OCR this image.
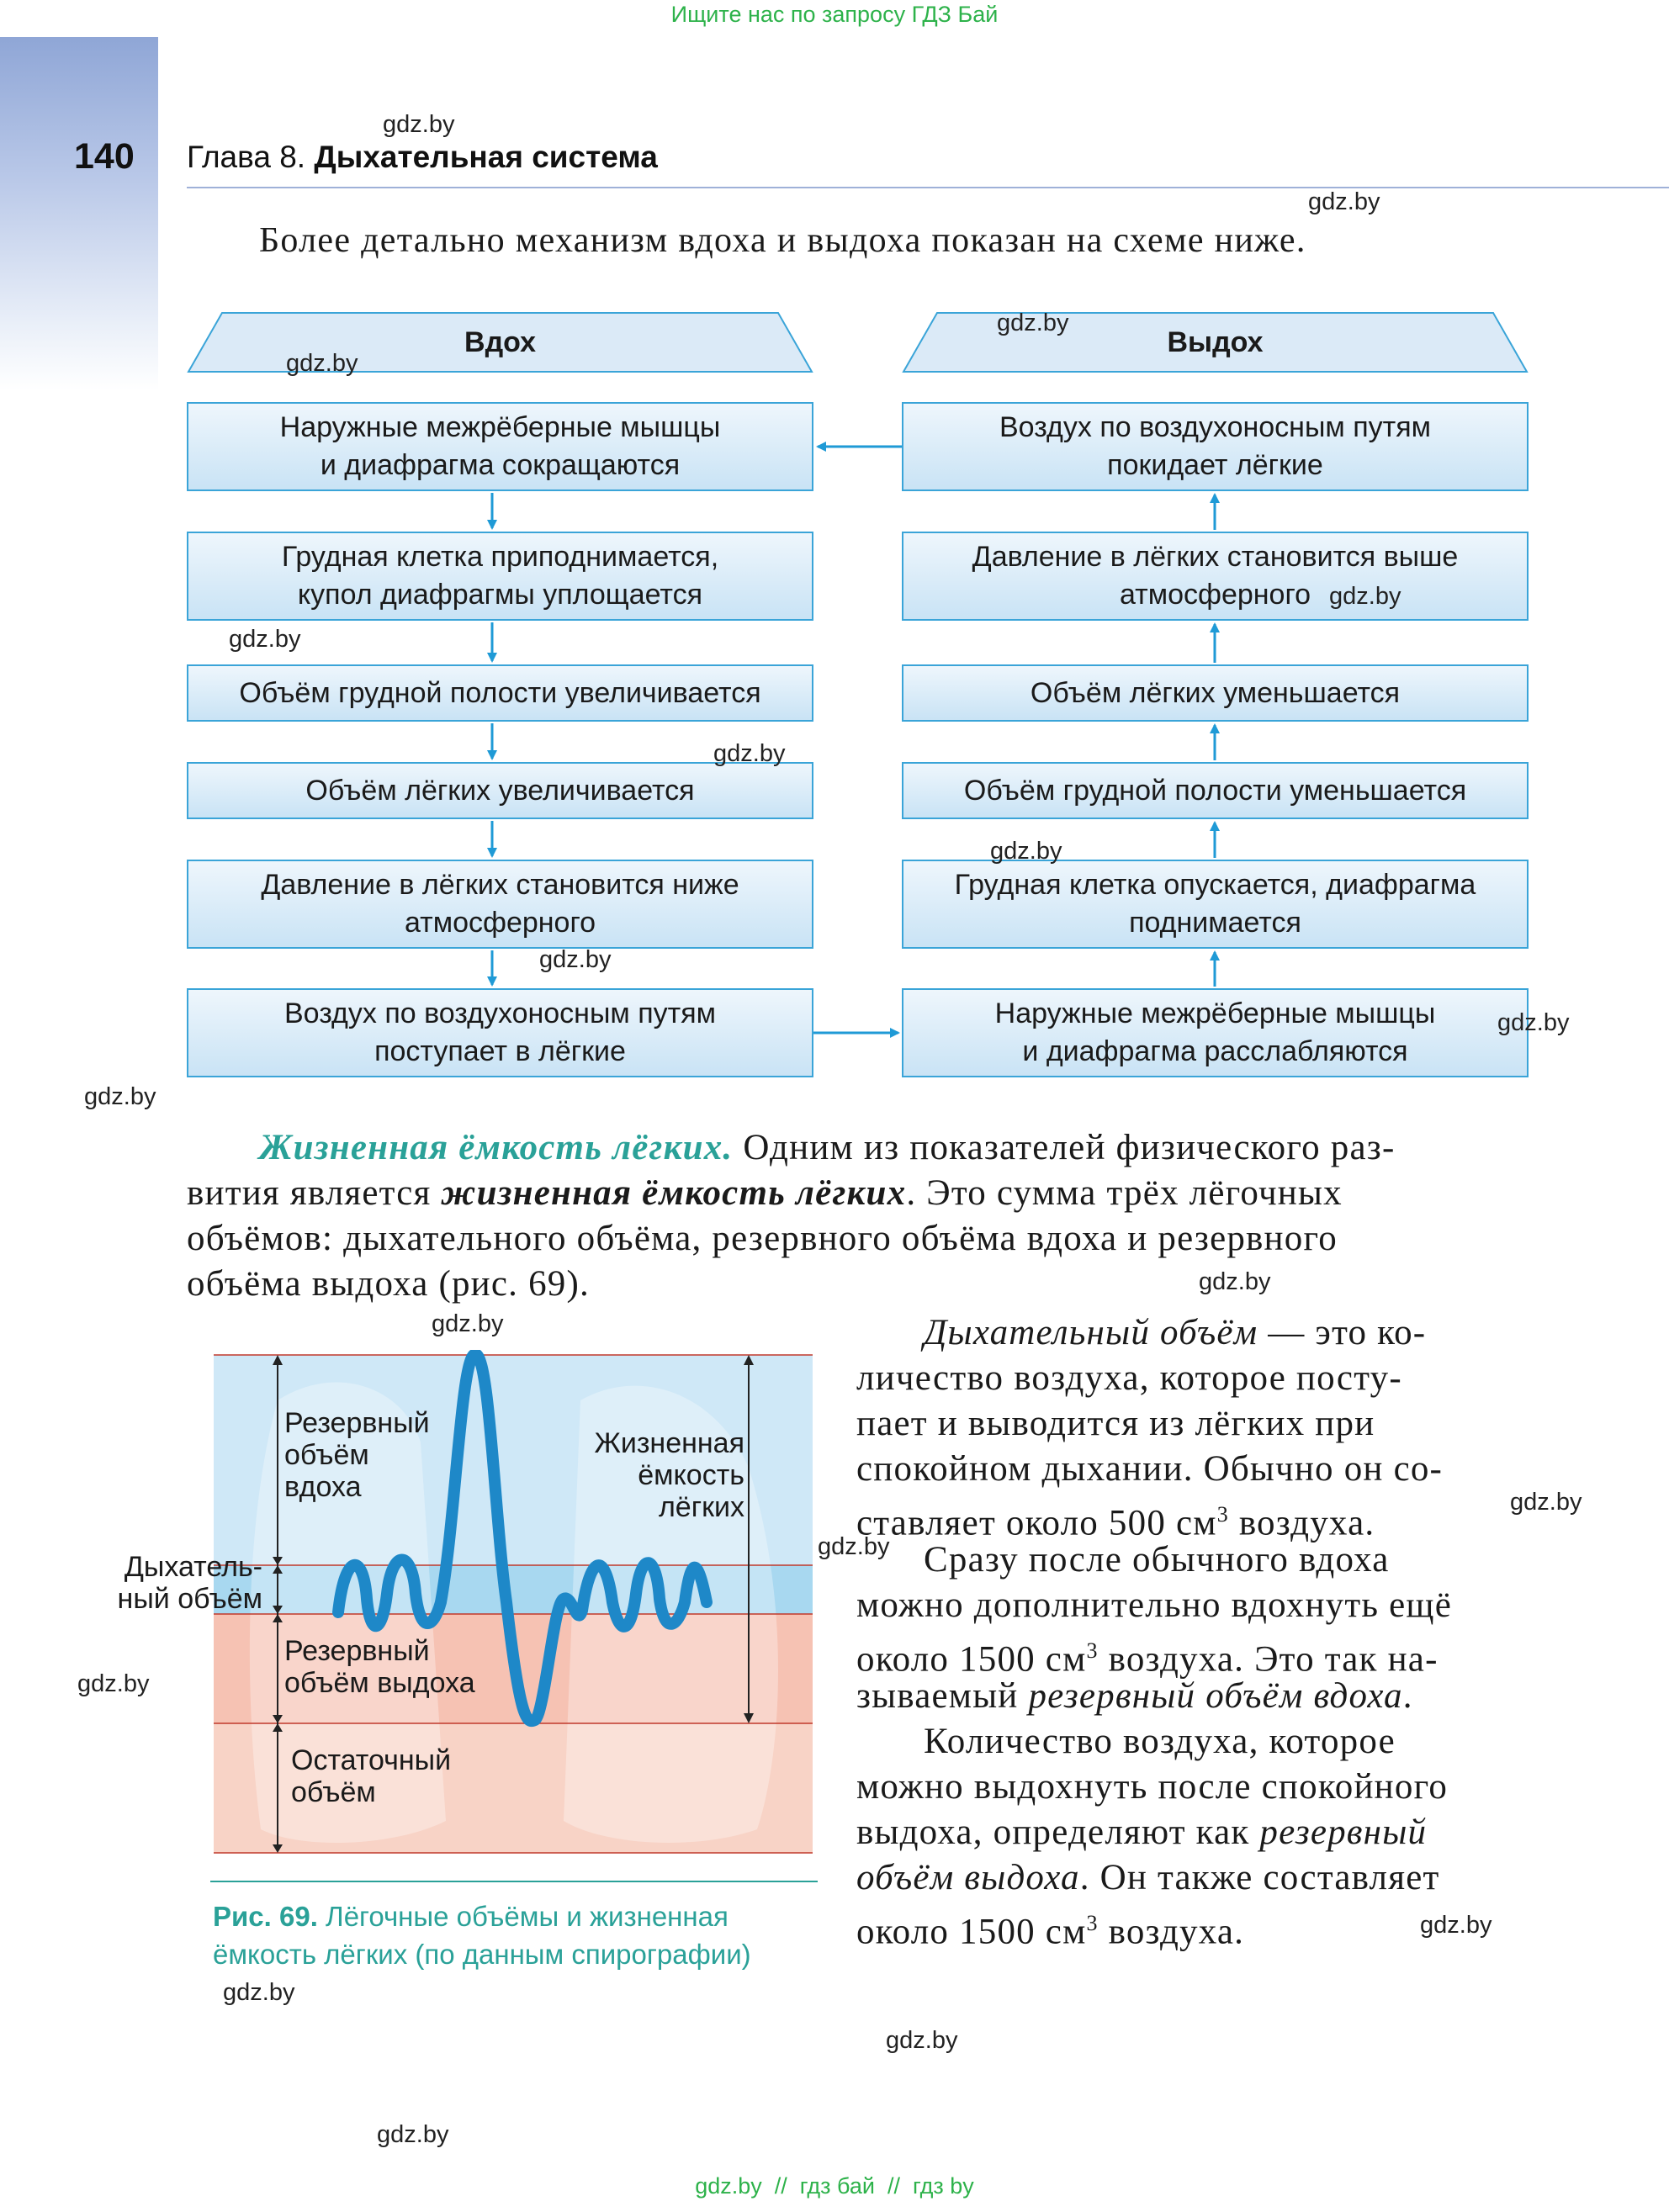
Ищите нас по запросу ГДЗ Бай
140 Глава 8. Дыхательная система
Более детально механизм вдоха и выдоха показан на схеме ниже.
Вдох	Выдох
Наружные межрёберные мышцы
и диафрагма сокращаются
Грудная клетка приподнимается,
купол диафрагмы уплощается
Объём грудной полости увеличивается
Объём лёгких увеличивается
Давление в лёгких становится ниже
атмосферного
Воздух по воздухоносным путям
поступает в лёгкие
Воздух по воздухоносным путям
покидает лёгкие
Давление в лёгких становится выше
атмосферного
Объём лёгких уменьшается
Объём грудной полости уменьшается
Грудная клетка опускается, диафрагма
поднимается
Наружные межрёберные мышцы
и диафрагма расслабляются
Жизненная ёмкость лёгких. Одним из показателей физического раз-
вития является жизненная ёмкость лёгких. Это сумма трёх лёгочных
объёмов: дыхательного объёма, резервного объёма вдоха и резервного
объёма выдоха (рис. 69).
Резервный
объём
вдоха
Жизненная
ёмкость
лёгких
Дыхатель-
ный объём
Резервный
объём выдоха
Остаточный
объём
Рис. 69. Лёгочные объёмы и жизненная
ёмкость лёгких (по данным спирографии)
Дыхательный объём — это ко-
личество воздуха, которое посту-
пает и выводится из лёгких при
спокойном дыхании. Обычно он со-
ставляет около 500 $см^3$ воздуха.
Сразу после обычного вдоха
можно дополнительно вдохнуть ещё
около 1500 $см^3$ воздуха. Это так на-
зываемый резервный объём вдоха.
Количество воздуха, которое
можно выдохнуть после спокойного
выдоха, определяют как резервный
объём выдоха. Он также составляет
около 1500 $см^3$ воздуха.
gdz.by
gdz.by
gdz.by
gdz.by
gdz.by
gdz.by
gdz.by
gdz.by
gdz.by
gdz.by
gdz.by
gdz.by
gdz.by
gdz.by
gdz.by
gdz.by
gdz.by
gdz.by
gdz.by
gdz.by
gdz.by  //  гдз бай  //  гдз by
